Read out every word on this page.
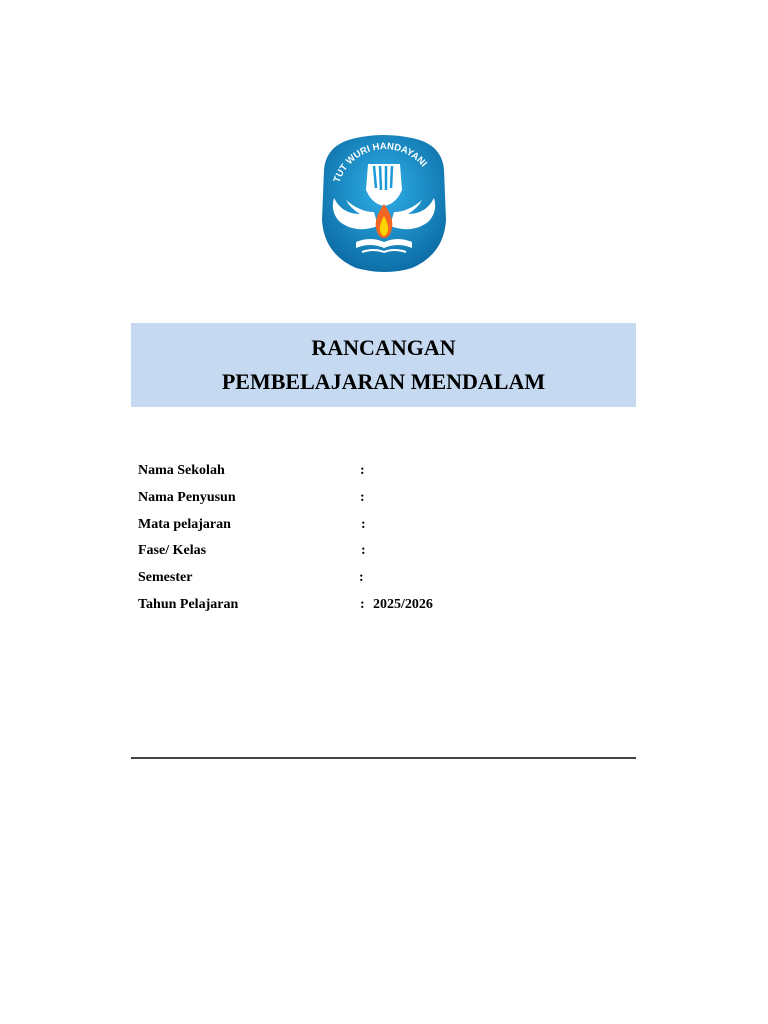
TUT WURI HANDAYANI
RANCANGAN
PEMBELAJARAN MENDALAM
Nama Sekolah	:
Nama Penyusun	:
Mata pelajaran	:
Fase/ Kelas	:
Semester	:
Tahun Pelajaran	: 2025/2026
